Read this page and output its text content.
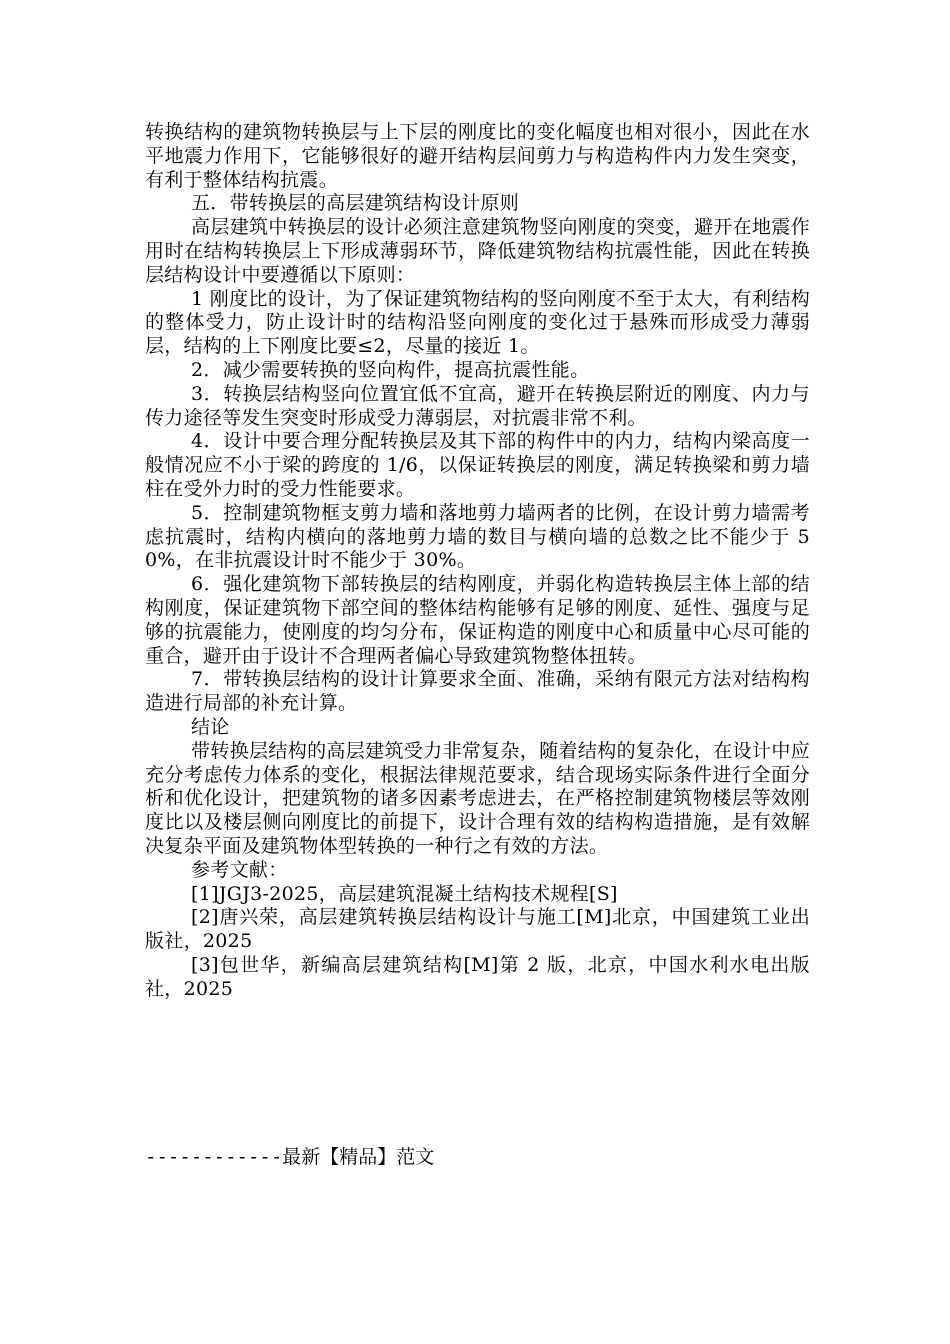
转换结构的建筑物转换层与上下层的刚度比的变化幅度也相对很小，因此在水平地震力作用下，它能够很好的避开结构层间剪力与构造构件内力发生突变，有利于整体结构抗震。

五．带转换层的高层建筑结构设计原则

高层建筑中转换层的设计必须注意建筑物竖向刚度的突变，避开在地震作用时在结构转换层上下形成薄弱环节，降低建筑物结构抗震性能，因此在转换层结构设计中要遵循以下原则：

1 刚度比的设计，为了保证建筑物结构的竖向刚度不至于太大，有利结构的整体受力，防止设计时的结构沿竖向刚度的变化过于悬殊而形成受力薄弱层，结构的上下刚度比要≤2，尽量的接近 1。

2．减少需要转换的竖向构件，提高抗震性能。

3．转换层结构竖向位置宜低不宜高，避开在转换层附近的刚度、内力与传力途径等发生突变时形成受力薄弱层，对抗震非常不利。

4．设计中要合理分配转换层及其下部的构件中的内力，结构内梁高度一般情况应不小于梁的跨度的 1/6，以保证转换层的刚度，满足转换梁和剪力墙柱在受外力时的受力性能要求。

5．控制建筑物框支剪力墙和落地剪力墙两者的比例，在设计剪力墙需考虑抗震时，结构内横向的落地剪力墙的数目与横向墙的总数之比不能少于 50%，在非抗震设计时不能少于 30%。

6．强化建筑物下部转换层的结构刚度，并弱化构造转换层主体上部的结构刚度，保证建筑物下部空间的整体结构能够有足够的刚度、延性、强度与足够的抗震能力，使刚度的均匀分布，保证构造的刚度中心和质量中心尽可能的重合，避开由于设计不合理两者偏心导致建筑物整体扭转。

7．带转换层结构的设计计算要求全面、准确，采纳有限元方法对结构构造进行局部的补充计算。

结论

带转换层结构的高层建筑受力非常复杂，随着结构的复杂化，在设计中应充分考虑传力体系的变化，根据法律规范要求，结合现场实际条件进行全面分析和优化设计，把建筑物的诸多因素考虑进去，在严格控制建筑物楼层等效刚度比以及楼层侧向刚度比的前提下，设计合理有效的结构构造措施，是有效解决复杂平面及建筑物体型转换的一种行之有效的方法。

参考文献：

[1]JGJ3-2025，高层建筑混凝土结构技术规程[S]

[2]唐兴荣，高层建筑转换层结构设计与施工[M]北京，中国建筑工业出版社，2025

[3]包世华，新编高层建筑结构[M]第 2 版，北京，中国水利水电出版社，2025

------------最新【精品】范文
